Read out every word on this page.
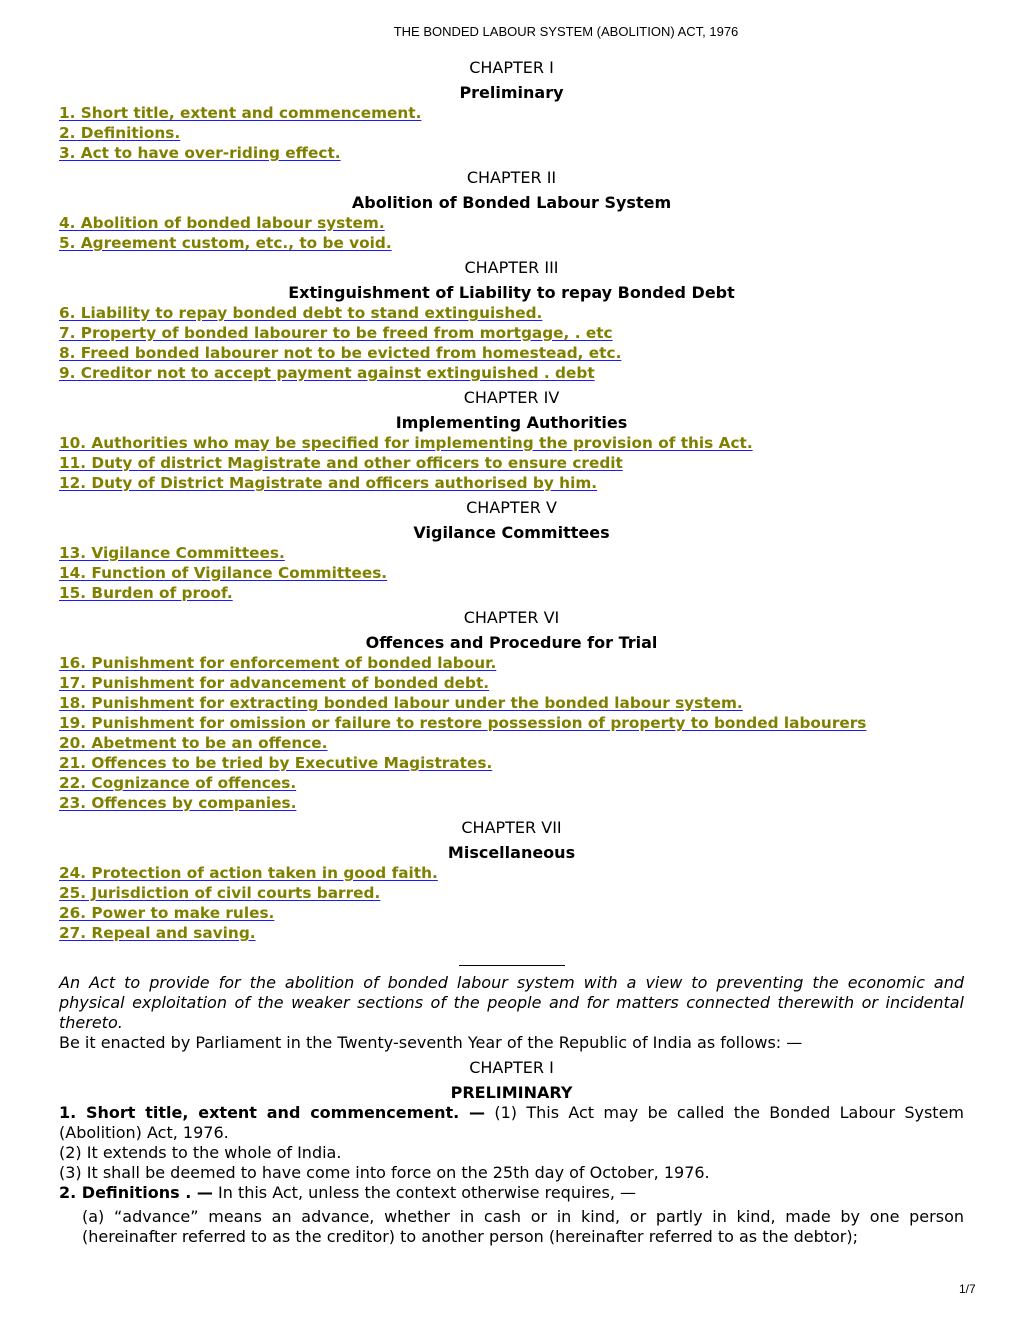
THE BONDED LABOUR SYSTEM (ABOLITION) ACT, 1976
CHAPTER I
Preliminary
1. Short title, extent and commencement.
2. Definitions.
3. Act to have over-riding effect.
CHAPTER II
Abolition of Bonded Labour System
4. Abolition of bonded labour system.
5. Agreement custom, etc., to be void.
CHAPTER III
Extinguishment of Liability to repay Bonded Debt
6. Liability to repay bonded debt to stand extinguished.
7. Property of bonded labourer to be freed from mortgage, . etc
8. Freed bonded labourer not to be evicted from homestead, etc.
9. Creditor not to accept payment against extinguished . debt
CHAPTER IV
Implementing Authorities
10. Authorities who may be specified for implementing the provision of this Act.
11. Duty of district Magistrate and other officers to ensure credit
12. Duty of District Magistrate and officers authorised by him.
CHAPTER V
Vigilance Committees
13. Vigilance Committees.
14. Function of Vigilance Committees.
15. Burden of proof.
CHAPTER VI
Offences and Procedure for Trial
16. Punishment for enforcement of bonded labour.
17. Punishment for advancement of bonded debt.
18. Punishment for extracting bonded labour under the bonded labour system.
19. Punishment for omission or failure to restore possession of property to bonded labourers
20. Abetment to be an offence.
21. Offences to be tried by Executive Magistrates.
22. Cognizance of offences.
23. Offences by companies.
CHAPTER VII
Miscellaneous
24. Protection of action taken in good faith.
25. Jurisdiction of civil courts barred.
26. Power to make rules.
27. Repeal and saving.
An Act to provide for the abolition of bonded labour system with a view to preventing the economic and physical exploitation of the weaker sections of the people and for matters connected therewith or incidental thereto.
Be it enacted by Parliament in the Twenty-seventh Year of the Republic of India as follows: —
CHAPTER I
PRELIMINARY
1. Short title, extent and commencement. — (1) This Act may be called the Bonded Labour System (Abolition) Act, 1976.
(2) It extends to the whole of India.
(3) It shall be deemed to have come into force on the 25th day of October, 1976.
2. Definitions . — In this Act, unless the context otherwise requires, —
(a) “advance” means an advance, whether in cash or in kind, or partly in kind, made by one person (hereinafter referred to as the creditor) to another person (hereinafter referred to as the debtor);
1/7
